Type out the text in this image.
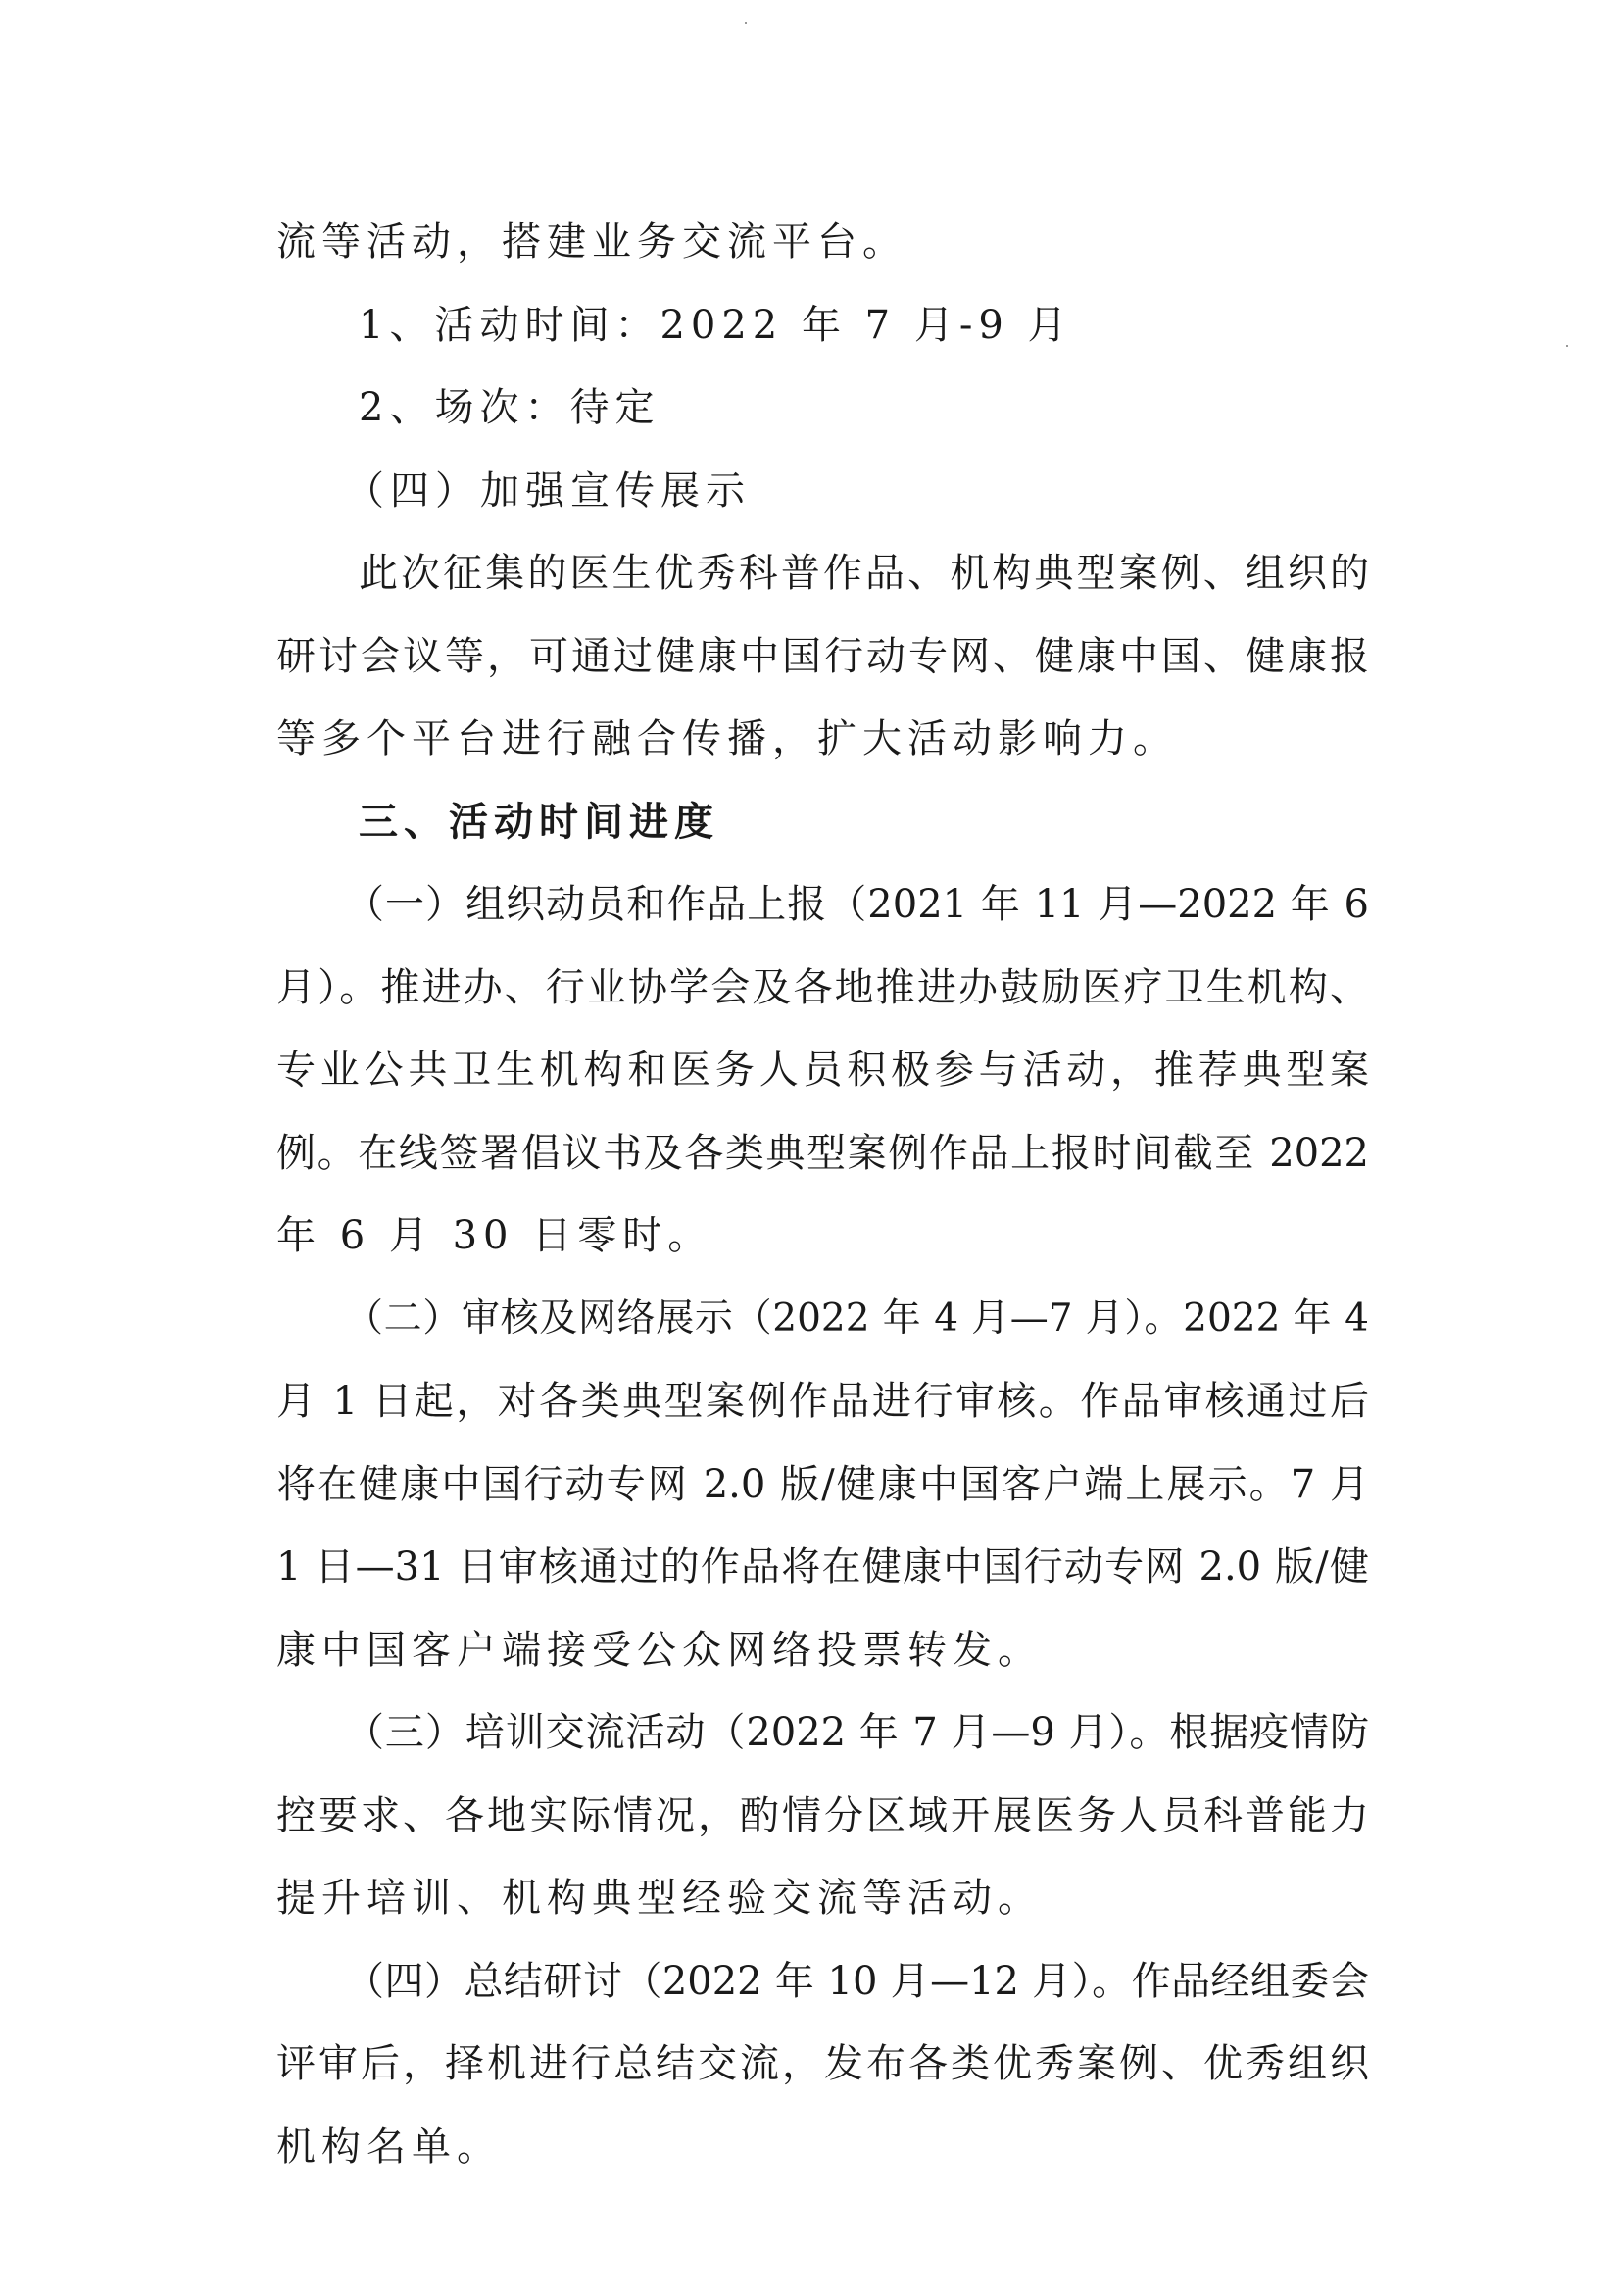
流等活动，搭建业务交流平台。
1、活动时间：2022 年 7 月-9 月
2、场次：待定
（四）加强宣传展示
此次征集的医生优秀科普作品、机构典型案例、组织的
研讨会议等，可通过健康中国行动专网、健康中国、健康报
等多个平台进行融合传播，扩大活动影响力。
三、活动时间进度
（一）组织动员和作品上报（2021 年 11 月—2022 年 6
月）。推进办、行业协学会及各地推进办鼓励医疗卫生机构、
专业公共卫生机构和医务人员积极参与活动，推荐典型案
例。在线签署倡议书及各类典型案例作品上报时间截至 2022
年 6 月 30 日零时。
（二）审核及网络展示（2022 年 4 月—7 月）。2022 年 4
月 1 日起，对各类典型案例作品进行审核。作品审核通过后
将在健康中国行动专网 2.0 版/健康中国客户端上展示。7 月
1 日—31 日审核通过的作品将在健康中国行动专网 2.0 版/健
康中国客户端接受公众网络投票转发。
（三）培训交流活动（2022 年 7 月—9 月）。根据疫情防
控要求、各地实际情况，酌情分区域开展医务人员科普能力
提升培训、机构典型经验交流等活动。
（四）总结研讨（2022 年 10 月—12 月）。作品经组委会
评审后，择机进行总结交流，发布各类优秀案例、优秀组织
机构名单。
